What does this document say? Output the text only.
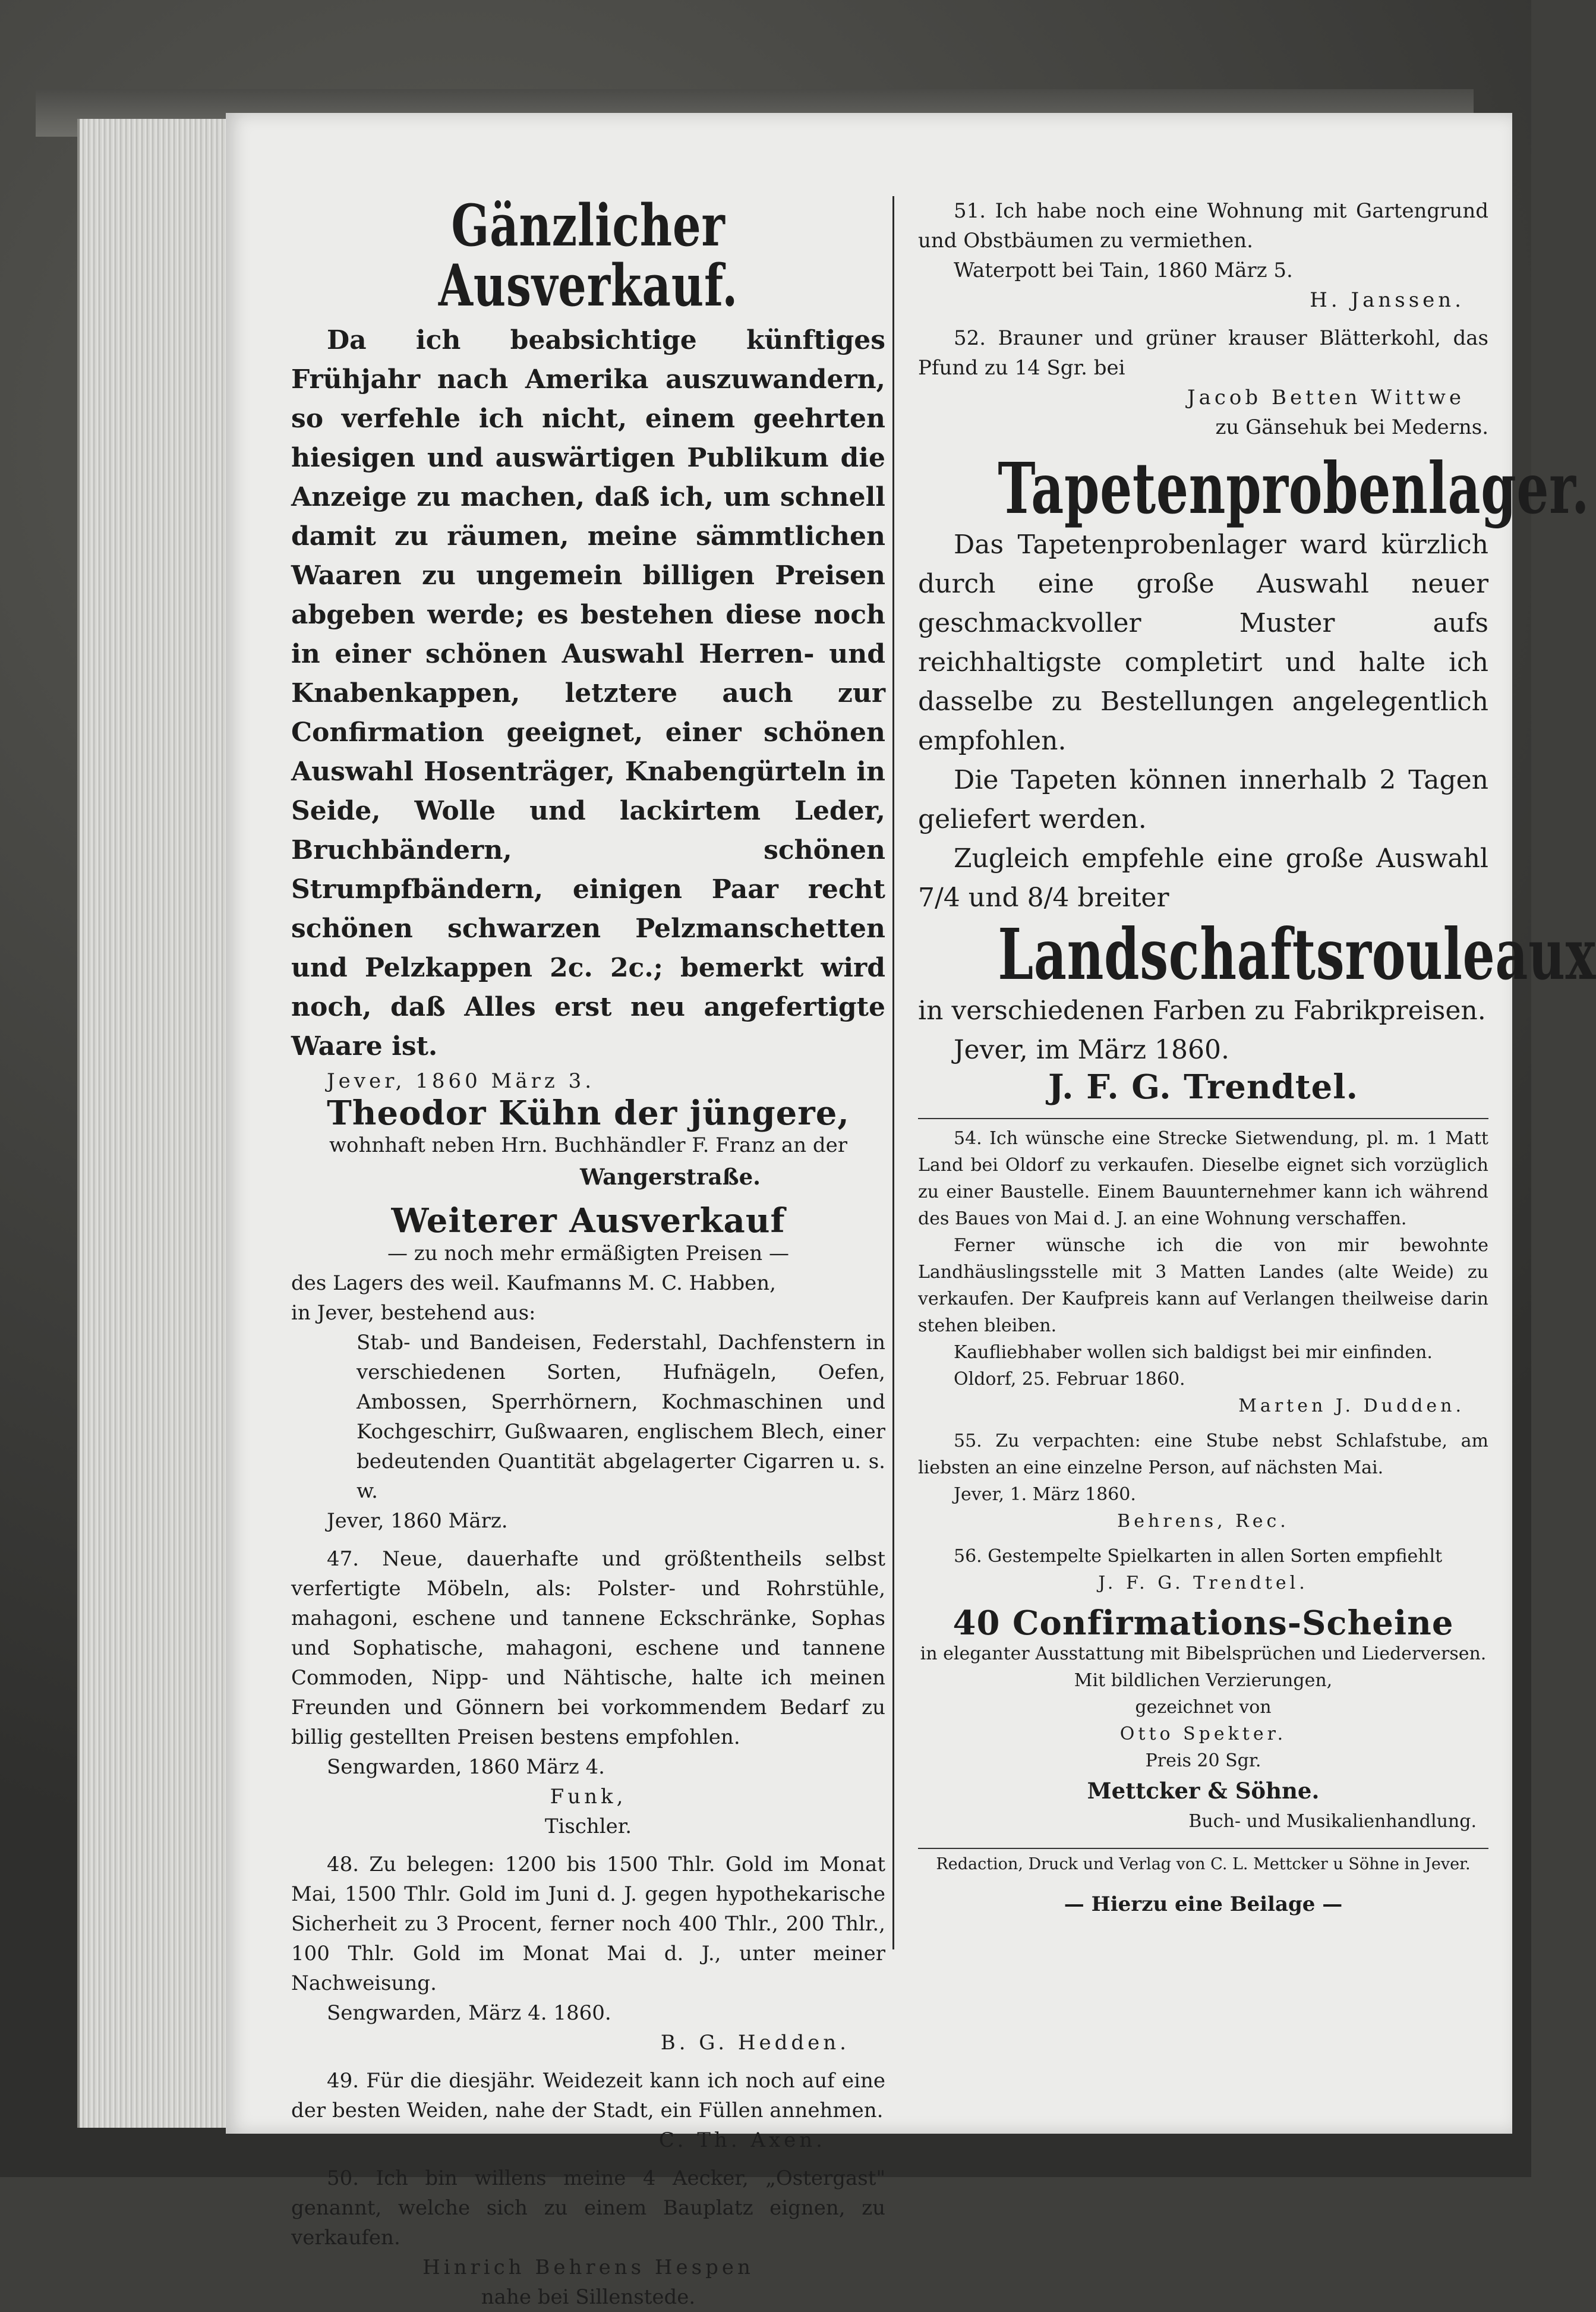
Gänzlicher Ausverkauf.

Da ich beabsichtige künftiges Frühjahr nach Amerika auszuwandern, so verfehle ich nicht, einem geehrten hiesigen und auswärtigen Publikum die Anzeige zu machen, daß ich, um schnell damit zu räumen, meine sämmtlichen Waaren zu ungemein billigen Preisen abgeben werde; es bestehen diese noch in einer schönen Auswahl Herren- und Knabenkappen, letztere auch zur Confirmation geeignet, einer schönen Auswahl Hosenträger, Knabengürteln in Seide, Wolle und lackirtem Leder, Bruchbändern, schönen Strumpfbändern, einigen Paar recht schönen schwarzen Pelzmanschetten und Pelzkappen 2c. 2c.; bemerkt wird noch, daß Alles erst neu angefertigte Waare ist.

Jever, 1860 März 3.

Theodor Kühn der jüngere,

wohnhaft neben Hrn. Buchhändler F. Franz an der

Wangerstraße.

Weiterer Ausverkauf

— zu noch mehr ermäßigten Preisen —

des Lagers des weil. Kaufmanns M. C. Habben,

in Jever, bestehend aus:

Stab- und Bandeisen, Federstahl, Dachfenstern in verschiedenen Sorten, Hufnägeln, Oefen, Ambossen, Sperrhörnern, Kochmaschinen und Kochgeschirr, Gußwaaren, englischem Blech, einer bedeutenden Quantität abgelagerter Cigarren u. s. w.

Jever, 1860 März.

47. Neue, dauerhafte und größtentheils selbst verfertigte Möbeln, als: Polster- und Rohrstühle, mahagoni, eschene und tannene Eckschränke, Sophas und Sophatische, mahagoni, eschene und tannene Commoden, Nipp- und Nähtische, halte ich meinen Freunden und Gönnern bei vorkommendem Bedarf zu billig gestellten Preisen bestens empfohlen.

Sengwarden, 1860 März 4.

Funk,

Tischler.

48. Zu belegen: 1200 bis 1500 Thlr. Gold im Monat Mai, 1500 Thlr. Gold im Juni d. J. gegen hypothekarische Sicherheit zu 3 Procent, ferner noch 400 Thlr., 200 Thlr., 100 Thlr. Gold im Monat Mai d. J., unter meiner Nachweisung.

Sengwarden, März 4. 1860.

B. G. Hedden.

49. Für die diesjähr. Weidezeit kann ich noch auf eine der besten Weiden, nahe der Stadt, ein Füllen annehmen.

C. Th. Axen.

50. Ich bin willens meine 4 Aecker, „Ostergast" genannt, welche sich zu einem Bauplatz eignen, zu verkaufen.

Hinrich Behrens Hespen

nahe bei Sillenstede.

51. Ich habe noch eine Wohnung mit Gartengrund und Obstbäumen zu vermiethen.

Waterpott bei Tain, 1860 März 5.

H. Janssen.

52. Brauner und grüner krauser Blätterkohl, das Pfund zu 14 Sgr. bei

Jacob Betten Wittwe

zu Gänsehuk bei Mederns.

Tapetenprobenlager.

Das Tapetenprobenlager ward kürzlich durch eine große Auswahl neuer geschmackvoller Muster aufs reichhaltigste completirt und halte ich dasselbe zu Bestellungen angelegentlich empfohlen.

Die Tapeten können innerhalb 2 Tagen geliefert werden.

Zugleich empfehle eine große Auswahl 7/4 und 8/4 breiter

Landschaftsrouleaux

in verschiedenen Farben zu Fabrikpreisen.

Jever, im März 1860.

J. F. G. Trendtel.

54. Ich wünsche eine Strecke Sietwendung, pl. m. 1 Matt Land bei Oldorf zu verkaufen. Dieselbe eignet sich vorzüglich zu einer Baustelle. Einem Bauunternehmer kann ich während des Baues von Mai d. J. an eine Wohnung verschaffen.

Ferner wünsche ich die von mir bewohnte Landhäuslingsstelle mit 3 Matten Landes (alte Weide) zu verkaufen. Der Kaufpreis kann auf Verlangen theilweise darin stehen bleiben.

Kaufliebhaber wollen sich baldigst bei mir einfinden.

Oldorf, 25. Februar 1860.

Marten J. Dudden.

55. Zu verpachten: eine Stube nebst Schlafstube, am liebsten an eine einzelne Person, auf nächsten Mai.

Jever, 1. März 1860.

Behrens, Rec.

56. Gestempelte Spielkarten in allen Sorten empfiehlt

J. F. G. Trendtel.

40 Confirmations-Scheine

in eleganter Ausstattung mit Bibelsprüchen und Liederversen. Mit bildlichen Verzierungen,

gezeichnet von

Otto Spekter.

Preis 20 Sgr.

Mettcker & Söhne.

Buch- und Musikalienhandlung.

Redaction, Druck und Verlag von C. L. Mettcker u Söhne in Jever.

— Hierzu eine Beilage —
